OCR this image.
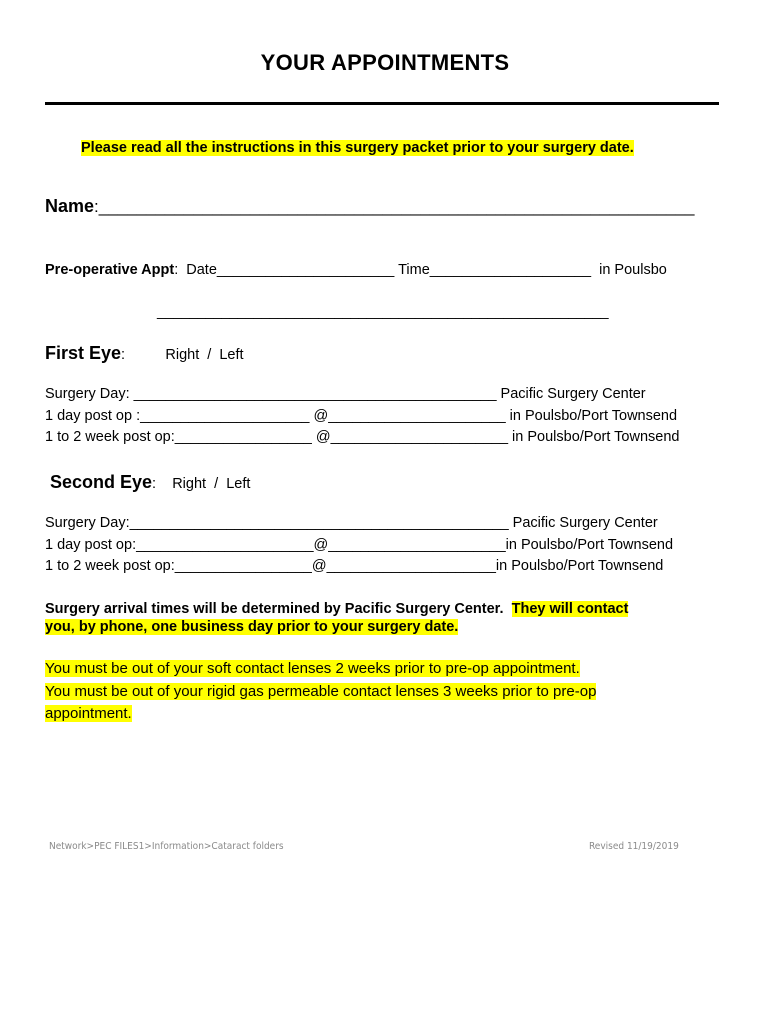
YOUR APPOINTMENTS
Please read all the instructions in this surgery packet prior to your surgery date.
Name:_______________________________________________________________
Pre-operative Appt:  Date______________________ Time____________________  in Poulsbo
________________________________________________________
First Eye:	Right  /  Left
Surgery Day: _____________________________________________ Pacific Surgery Center
1 day post op :_____________________ @______________________ in Poulsbo/Port Townsend
1 to 2 week post op:_________________ @______________________ in Poulsbo/Port Townsend
Second Eye: Right  /  Left
Surgery Day:_______________________________________________ Pacific Surgery Center
1 day post op:______________________@______________________in Poulsbo/Port Townsend
1 to 2 week post op:_________________@_____________________in Poulsbo/Port Townsend
Surgery arrival times will be determined by Pacific Surgery Center.  They will contact
you, by phone, one business day prior to your surgery date.
You must be out of your soft contact lenses 2 weeks prior to pre-op appointment.
You must be out of your rigid gas permeable contact lenses 3 weeks prior to pre-op
appointment.
Network>PEC FILES1>Information>Cataract folders	Revised 11/19/2019
